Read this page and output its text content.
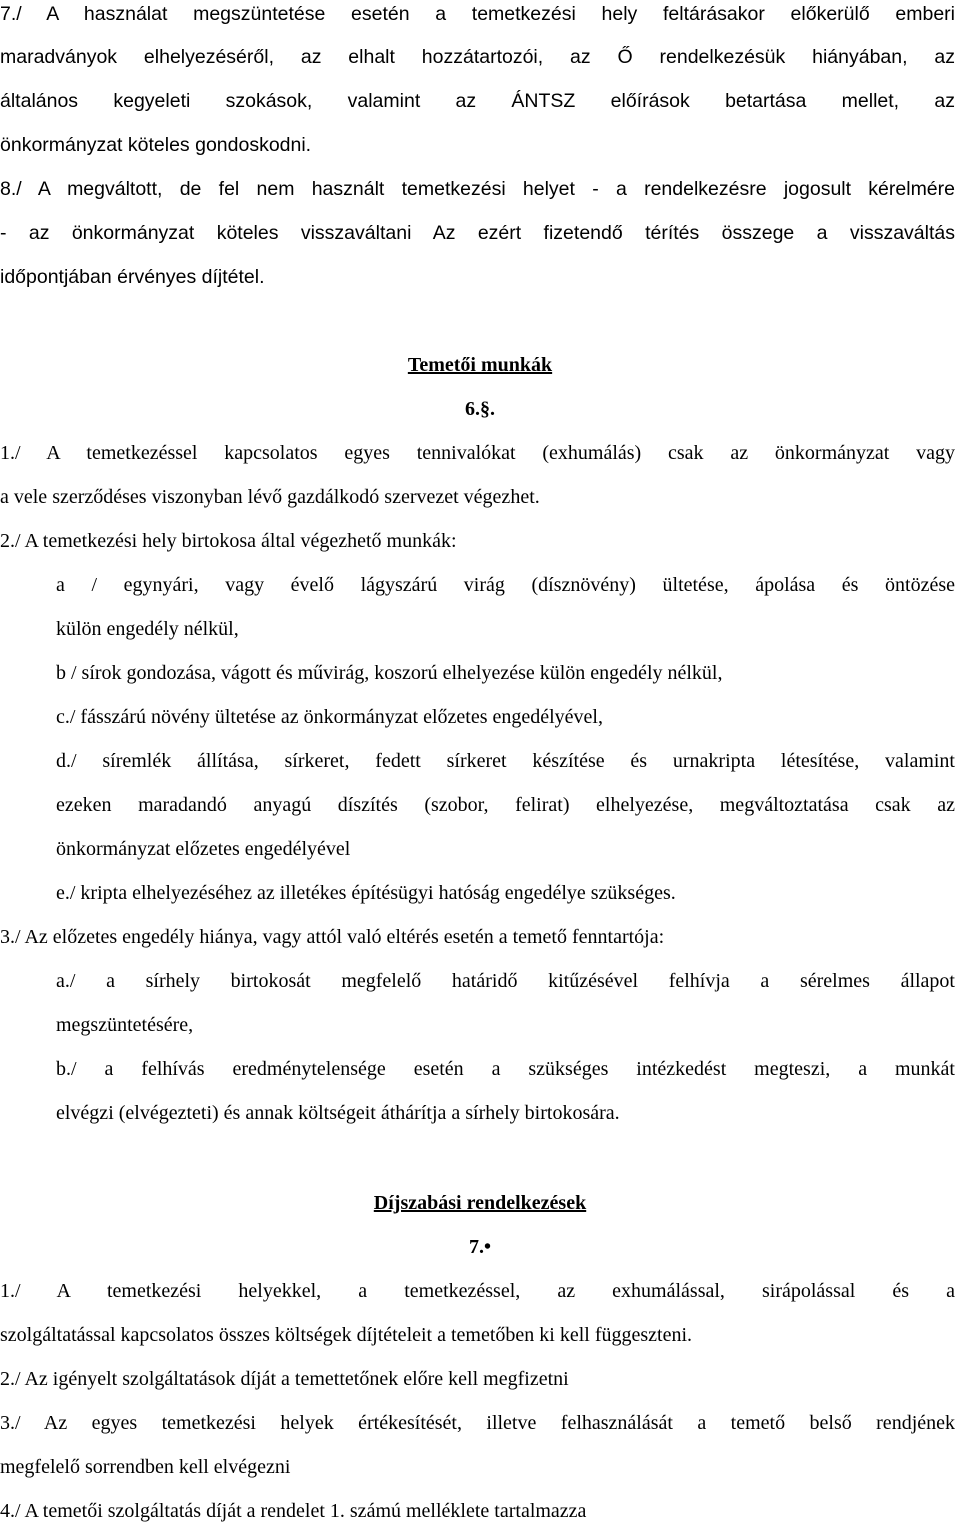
7./ A használat megszüntetése esetén a temetkezési hely feltárásakor előkerülő emberi
maradványok elhelyezéséről, az elhalt hozzátartozói, az Ő rendelkezésük hiányában, az
általános kegyeleti szokások, valamint az ÁNTSZ előírások betartása mellet, az
önkormányzat köteles gondoskodni.
8./ A megváltott, de fel nem használt temetkezési helyet - a rendelkezésre jogosult kérelmére
- az önkormányzat köteles visszaváltani Az ezért fizetendő térítés összege a visszaváltás
időpontjában érvényes díjtétel.
Temetői munkák
6.§.
1./ A temetkezéssel kapcsolatos egyes tennivalókat (exhumálás) csak az önkormányzat vagy
a vele szerződéses viszonyban lévő gazdálkodó szervezet végezhet.
2./ A temetkezési hely birtokosa által végezhető munkák:
a / egynyári, vagy évelő lágyszárú virág (dísznövény) ültetése, ápolása és öntözése
külön engedély nélkül,
b / sírok gondozása, vágott és művirág, koszorú elhelyezése külön engedély nélkül,
c./ fásszárú növény ültetése az önkormányzat előzetes engedélyével,
d./ síremlék állítása, sírkeret, fedett sírkeret készítése és urnakripta létesítése, valamint
ezeken maradandó anyagú díszítés (szobor, felirat) elhelyezése, megváltoztatása csak az
önkormányzat előzetes engedélyével
e./ kripta elhelyezéséhez az illetékes építésügyi hatóság engedélye szükséges.
3./ Az előzetes engedély hiánya, vagy attól való eltérés esetén a temető fenntartója:
a./ a sírhely birtokosát megfelelő határidő kitűzésével felhívja a sérelmes állapot
megszüntetésére,
b./ a felhívás eredménytelensége esetén a szükséges intézkedést megteszi, a munkát
elvégzi (elvégezteti) és annak költségeit áthárítja a sírhely birtokosára.
Díjszabási rendelkezések
7.•
1./ A temetkezési helyekkel, a temetkezéssel, az exhumálással, sirápolással és a
szolgáltatással kapcsolatos összes költségek díjtételeit a temetőben ki kell függeszteni.
2./ Az igényelt szolgáltatások díját a temettetőnek előre kell megfizetni
3./ Az egyes temetkezési helyek értékesítését, illetve felhasználását a temető belső rendjének
megfelelő sorrendben kell elvégezni
4./ A temetői szolgáltatás díját a rendelet 1. számú melléklete tartalmazza
